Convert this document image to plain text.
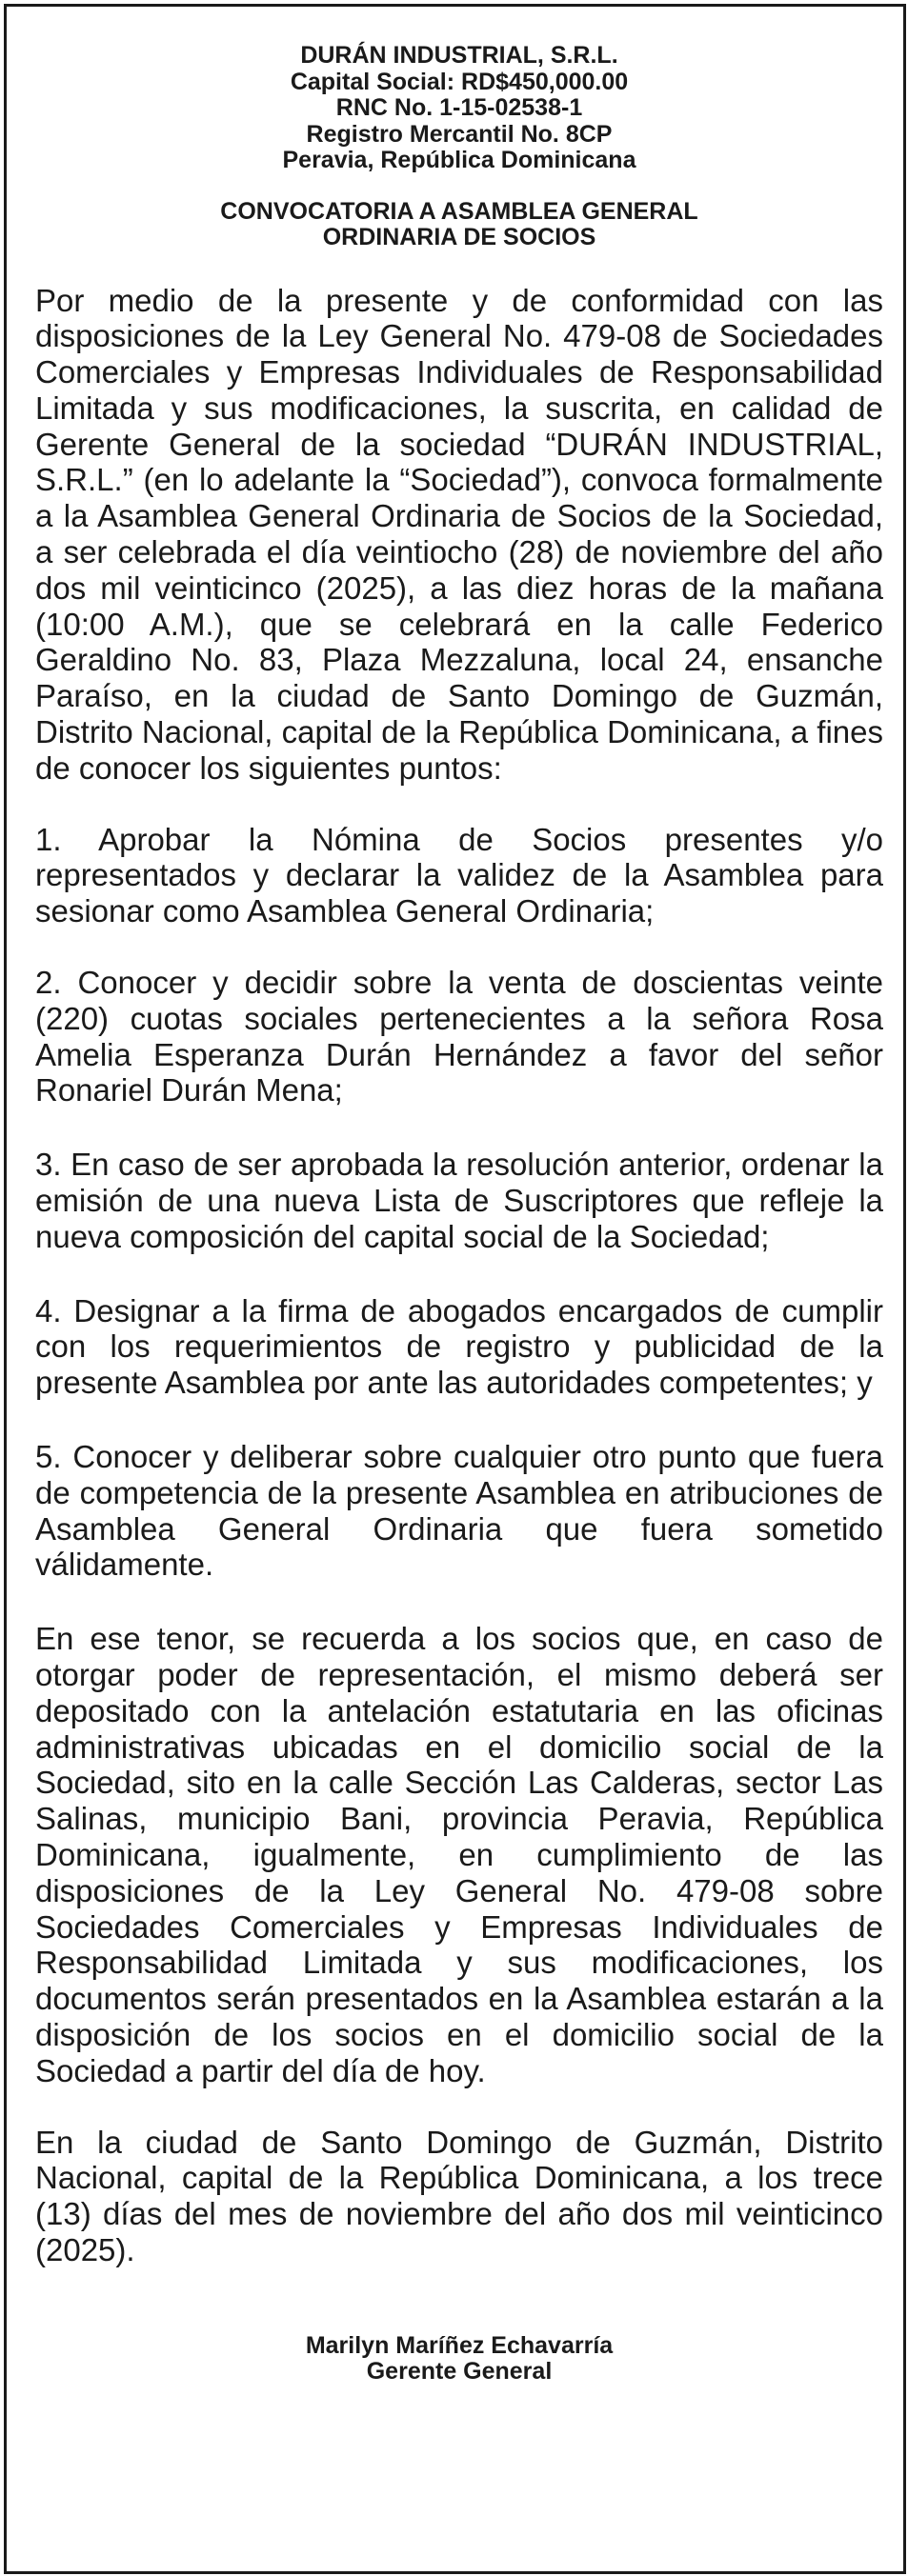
DURÁN INDUSTRIAL, S.R.L.
Capital Social: RD$450,000.00
RNC No. 1-15-02538-1
Registro Mercantil No. 8CP
Peravia, República Dominicana
CONVOCATORIA A ASAMBLEA GENERAL
ORDINARIA DE SOCIOS

Por medio de la presente y de conformidad con las disposiciones de la Ley General No. 479-08 de Sociedades Comerciales y Empresas Individuales de Responsabilidad Limitada y sus modificaciones, la suscrita, en calidad de Gerente General de la sociedad “DURÁN INDUSTRIAL, S.R.L.” (en lo adelante la “Sociedad”), convoca formalmente a la Asamblea General Ordinaria de Socios de la Sociedad, a ser celebrada el día veintiocho (28) de noviembre del año dos mil veinticinco (2025), a las diez horas de la mañana (10:00 A.M.), que se celebrará en la calle Federico Geraldino No. 83, Plaza Mezzaluna, local 24, ensanche Paraíso, en la ciudad de Santo Domingo de Guzmán, Distrito Nacional, capital de la República Dominicana, a fines de conocer los siguientes puntos:

1. Aprobar la Nómina de Socios presentes y/o representados y declarar la validez de la Asamblea para sesionar como Asamblea General Ordinaria;

2. Conocer y decidir sobre la venta de doscientas veinte (220) cuotas sociales pertenecientes a la señora Rosa Amelia Esperanza Durán Hernández a favor del señor Ronariel Durán Mena;

3. En caso de ser aprobada la resolución anterior, ordenar la emisión de una nueva Lista de Suscriptores que refleje la nueva composición del capital social de la Sociedad;

4. Designar a la firma de abogados encargados de cumplir con los requerimientos de registro y publicidad de la presente Asamblea por ante las autoridades competentes; y

5. Conocer y deliberar sobre cualquier otro punto que fuera de competencia de la presente Asamblea en atribuciones de Asamblea General Ordinaria que fuera sometido válidamente.

En ese tenor, se recuerda a los socios que, en caso de otorgar poder de representación, el mismo deberá ser depositado con la antelación estatutaria en las oficinas administrativas ubicadas en el domicilio social de la Sociedad, sito en la calle Sección Las Calderas, sector Las Salinas, municipio Bani, provincia Peravia, República Dominicana, igualmente, en cumplimiento de las disposiciones de la Ley General No. 479-08 sobre Sociedades Comerciales y Empresas Individuales de Responsabilidad Limitada y sus modificaciones, los documentos serán presentados en la Asamblea estarán a la disposición de los socios en el domicilio social de la Sociedad a partir del día de hoy.

En la ciudad de Santo Domingo de Guzmán, Distrito Nacional, capital de la República Dominicana, a los trece (13) días del mes de noviembre del año dos mil veinticinco (2025).

Marilyn Maríñez Echavarría
Gerente General
